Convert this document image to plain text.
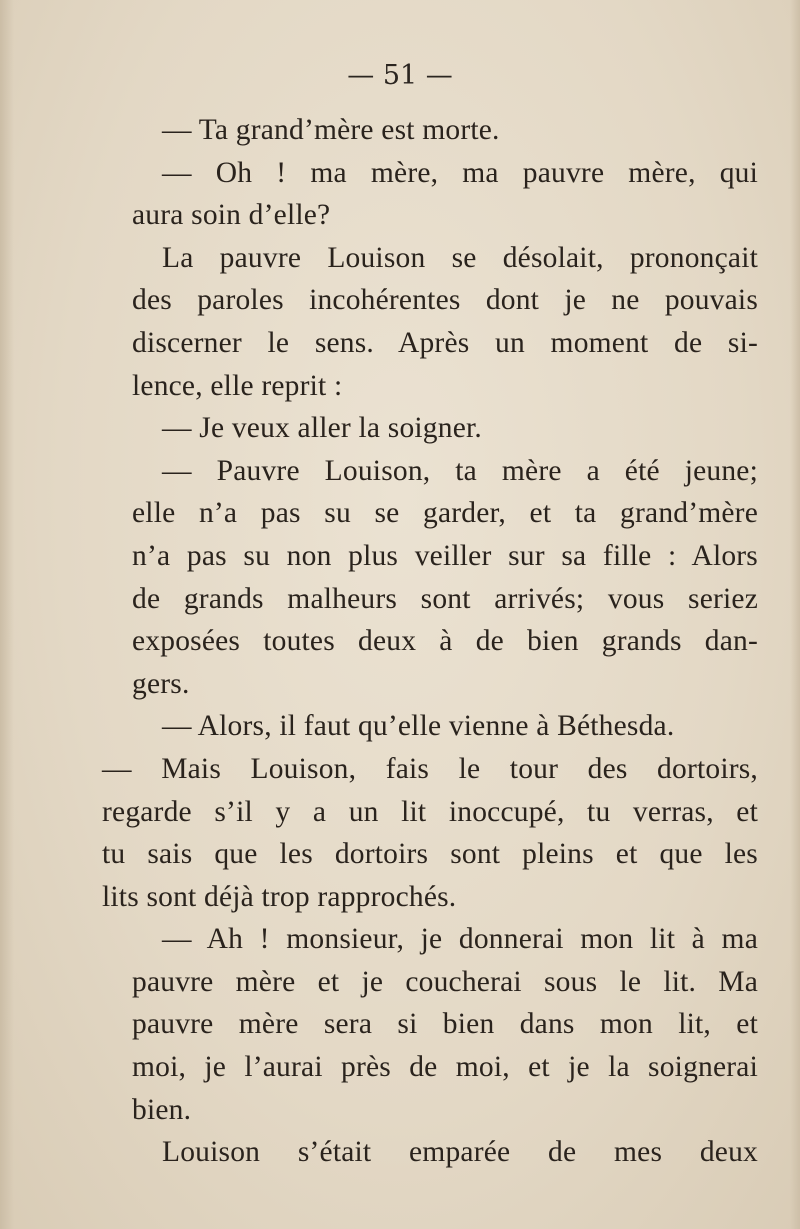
— 51 —

— Ta grand’mère est morte.
— Oh ! ma mère, ma pauvre mère, qui
aura soin d’elle?
La pauvre Louison se désolait, prononçait
des paroles incohérentes dont je ne pouvais
discerner le sens. Après un moment de si-
lence, elle reprit :
— Je veux aller la soigner.
— Pauvre Louison, ta mère a été jeune;
elle n’a pas su se garder, et ta grand’mère
n’a pas su non plus veiller sur sa fille : Alors
de grands malheurs sont arrivés; vous seriez
exposées toutes deux à de bien grands dan-
gers.
— Alors, il faut qu’elle vienne à Béthesda.
— Mais Louison, fais le tour des dortoirs,
regarde s’il y a un lit inoccupé, tu verras, et
tu sais que les dortoirs sont pleins et que les
lits sont déjà trop rapprochés.
— Ah ! monsieur, je donnerai mon lit à ma
pauvre mère et je coucherai sous le lit. Ma
pauvre mère sera si bien dans mon lit, et
moi, je l’aurai près de moi, et je la soignerai
bien.
Louison s’était emparée de mes deux
